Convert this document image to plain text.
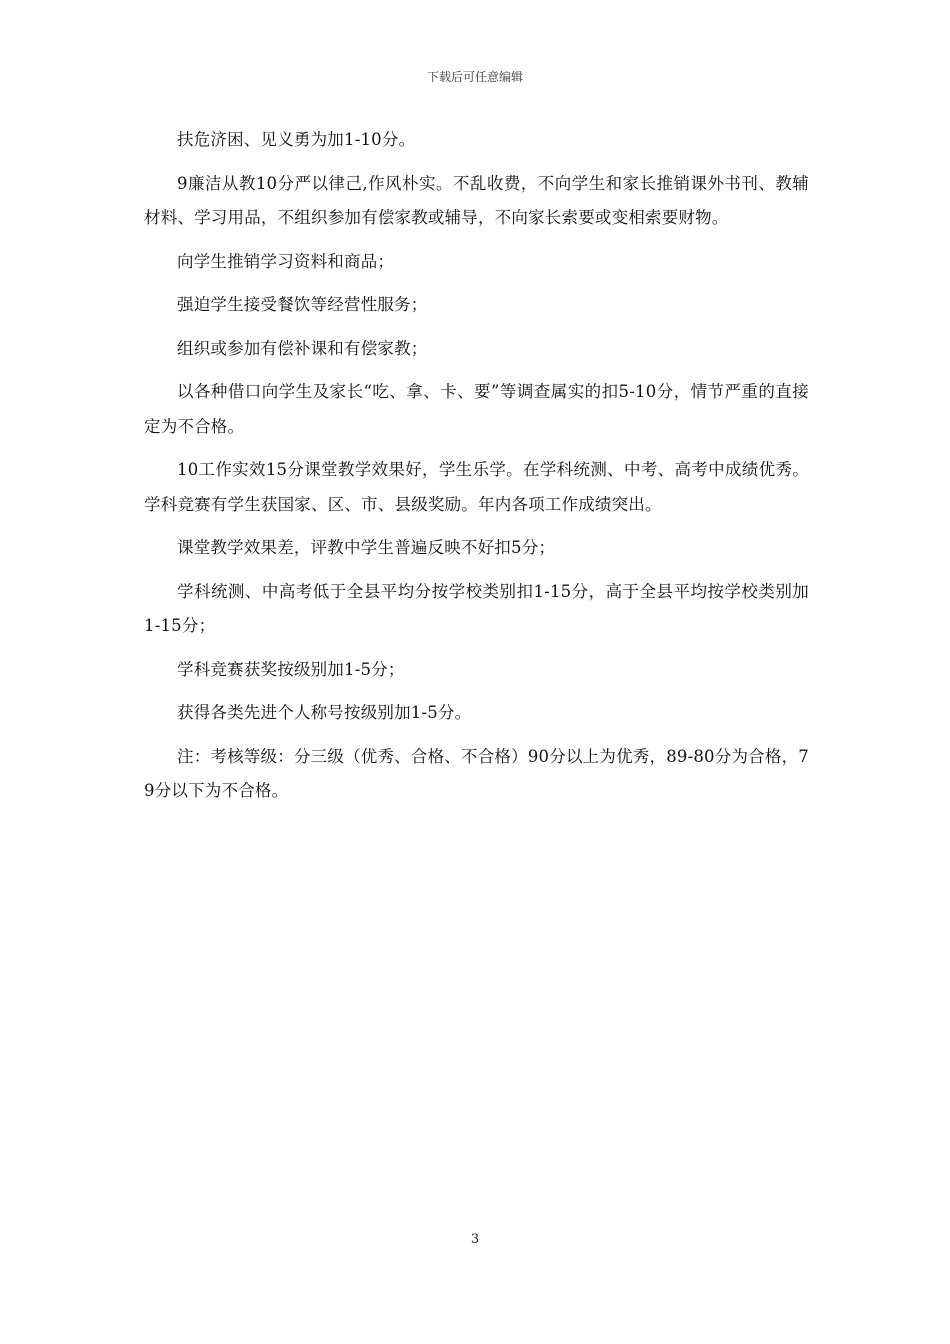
下载后可任意编辑

扶危济困、见义勇为加1-10分。

9廉洁从教10分严以律己,作风朴实。不乱收费，不向学生和家长推销课外书刊、教辅材料、学习用品，不组织参加有偿家教或辅导，不向家长索要或变相索要财物。

向学生推销学习资料和商品；

强迫学生接受餐饮等经营性服务；

组织或参加有偿补课和有偿家教；

以各种借口向学生及家长“吃、拿、卡、要”等调查属实的扣5-10分，情节严重的直接定为不合格。

10工作实效15分课堂教学效果好，学生乐学。在学科统测、中考、高考中成绩优秀。学科竞赛有学生获国家、区、市、县级奖励。年内各项工作成绩突出。

课堂教学效果差，评教中学生普遍反映不好扣5分；

学科统测、中高考低于全县平均分按学校类别扣1-15分，高于全县平均按学校类别加1-15分；

学科竞赛获奖按级别加1-5分；

获得各类先进个人称号按级别加1-5分。

注：考核等级：分三级（优秀、合格、不合格）90分以上为优秀，89-80分为合格，79分以下为不合格。

3
